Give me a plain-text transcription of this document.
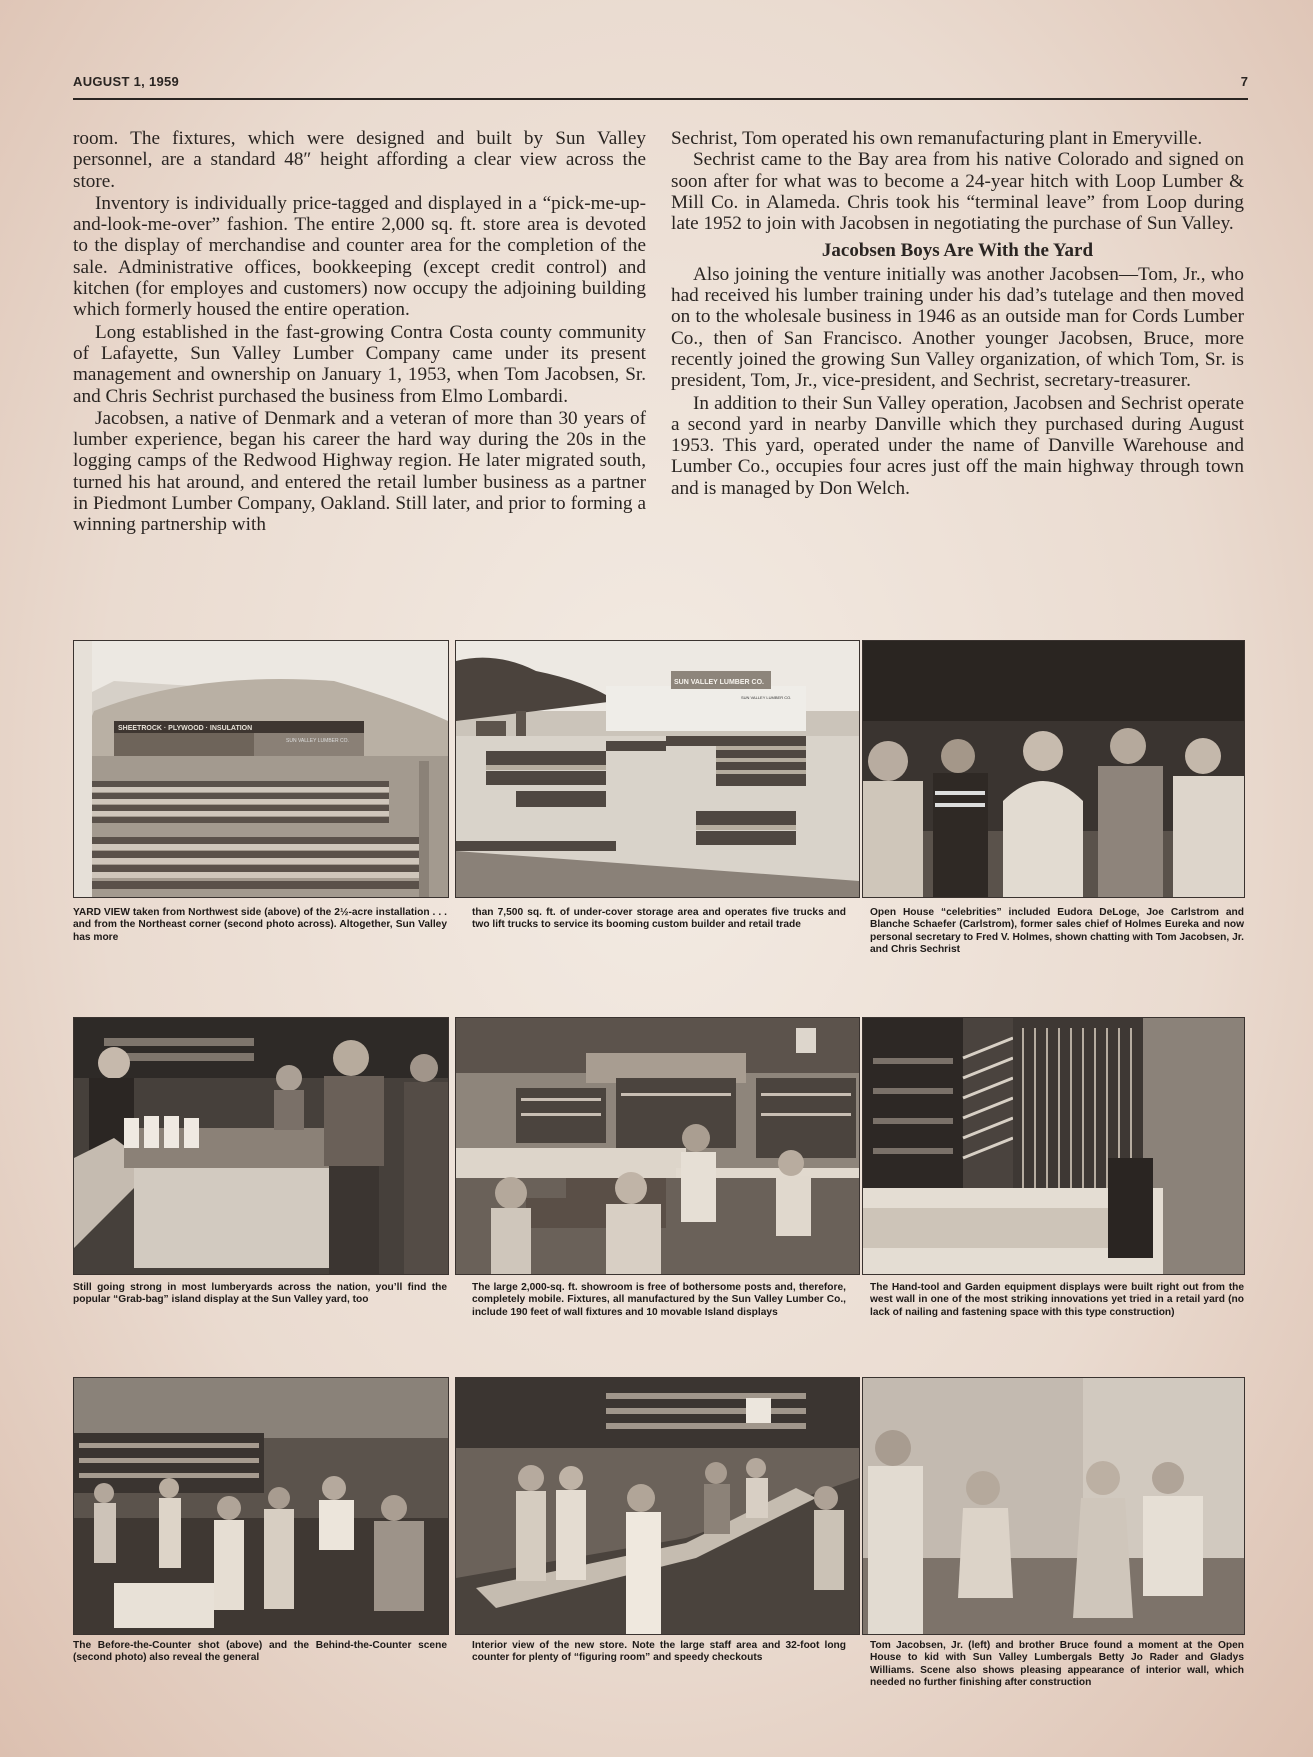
AUGUST 1, 1959	7

room. The fixtures, which were designed and built by Sun Valley personnel, are a standard 48″ height affording a clear view across the store.

Inventory is individually price-tagged and displayed in a “pick-me-up-and-look-me-over” fashion. The entire 2,000 sq. ft. store area is devoted to the display of merchandise and counter area for the completion of the sale. Administrative offices, bookkeeping (except credit control) and kitchen (for employes and customers) now occupy the adjoining building which formerly housed the entire operation.

Long established in the fast-growing Contra Costa county community of Lafayette, Sun Valley Lumber Company came under its present management and ownership on January 1, 1953, when Tom Jacobsen, Sr. and Chris Sechrist purchased the business from Elmo Lombardi.

Jacobsen, a native of Denmark and a veteran of more than 30 years of lumber experience, began his career the hard way during the 20s in the logging camps of the Redwood Highway region. He later migrated south, turned his hat around, and entered the retail lumber business as a partner in Piedmont Lumber Company, Oakland. Still later, and prior to forming a winning partnership with

Sechrist, Tom operated his own remanufacturing plant in Emeryville.

Sechrist came to the Bay area from his native Colorado and signed on soon after for what was to become a 24-year hitch with Loop Lumber & Mill Co. in Alameda. Chris took his “terminal leave” from Loop during late 1952 to join with Jacobsen in negotiating the purchase of Sun Valley.

Jacobsen Boys Are With the Yard

Also joining the venture initially was another Jacobsen—Tom, Jr., who had received his lumber training under his dad’s tutelage and then moved on to the wholesale business in 1946 as an outside man for Cords Lumber Co., then of San Francisco. Another younger Jacobsen, Bruce, more recently joined the growing Sun Valley organization, of which Tom, Sr. is president, Tom, Jr., vice-president, and Sechrist, secretary-treasurer.

In addition to their Sun Valley operation, Jacobsen and Sechrist operate a second yard in nearby Danville which they purchased during August 1953. This yard, operated under the name of Danville Warehouse and Lumber Co., occupies four acres just off the main highway through town and is managed by Don Welch.

SHEETROCK · PLYWOOD · INSULATION
SUN VALLEY LUMBER CO.
SUN VALLEY LUMBER CO.
SUN VALLEY LUMBER CO.
YARD VIEW taken from Northwest side (above) of the 2½-acre installation . . . and from the Northeast corner (second photo across). Altogether, Sun Valley has more
than 7,500 sq. ft. of under-cover storage area and operates five trucks and two lift trucks to service its booming custom builder and retail trade
Open House “celebrities” included Eudora DeLoge, Joe Carlstrom and Blanche Schaefer (Carlstrom), former sales chief of Holmes Eureka and now personal secretary to Fred V. Holmes, shown chatting with Tom Jacobsen, Jr. and Chris Sechrist
Still going strong in most lumberyards across the nation, you’ll find the popular “Grab-bag” island display at the Sun Valley yard, too
The large 2,000-sq. ft. showroom is free of bothersome posts and, therefore, completely mobile. Fixtures, all manufactured by the Sun Valley Lumber Co., include 190 feet of wall fixtures and 10 movable Island displays
The Hand-tool and Garden equipment displays were built right out from the west wall in one of the most striking innovations yet tried in a retail yard (no lack of nailing and fastening space with this type construction)
The Before-the-Counter shot (above) and the Behind-the-Counter scene (second photo) also reveal the general
Interior view of the new store. Note the large staff area and 32-foot long counter for plenty of “figuring room” and speedy checkouts
Tom Jacobsen, Jr. (left) and brother Bruce found a moment at the Open House to kid with Sun Valley Lumbergals Betty Jo Rader and Gladys Williams. Scene also shows pleasing appearance of interior wall, which needed no further finishing after construction
